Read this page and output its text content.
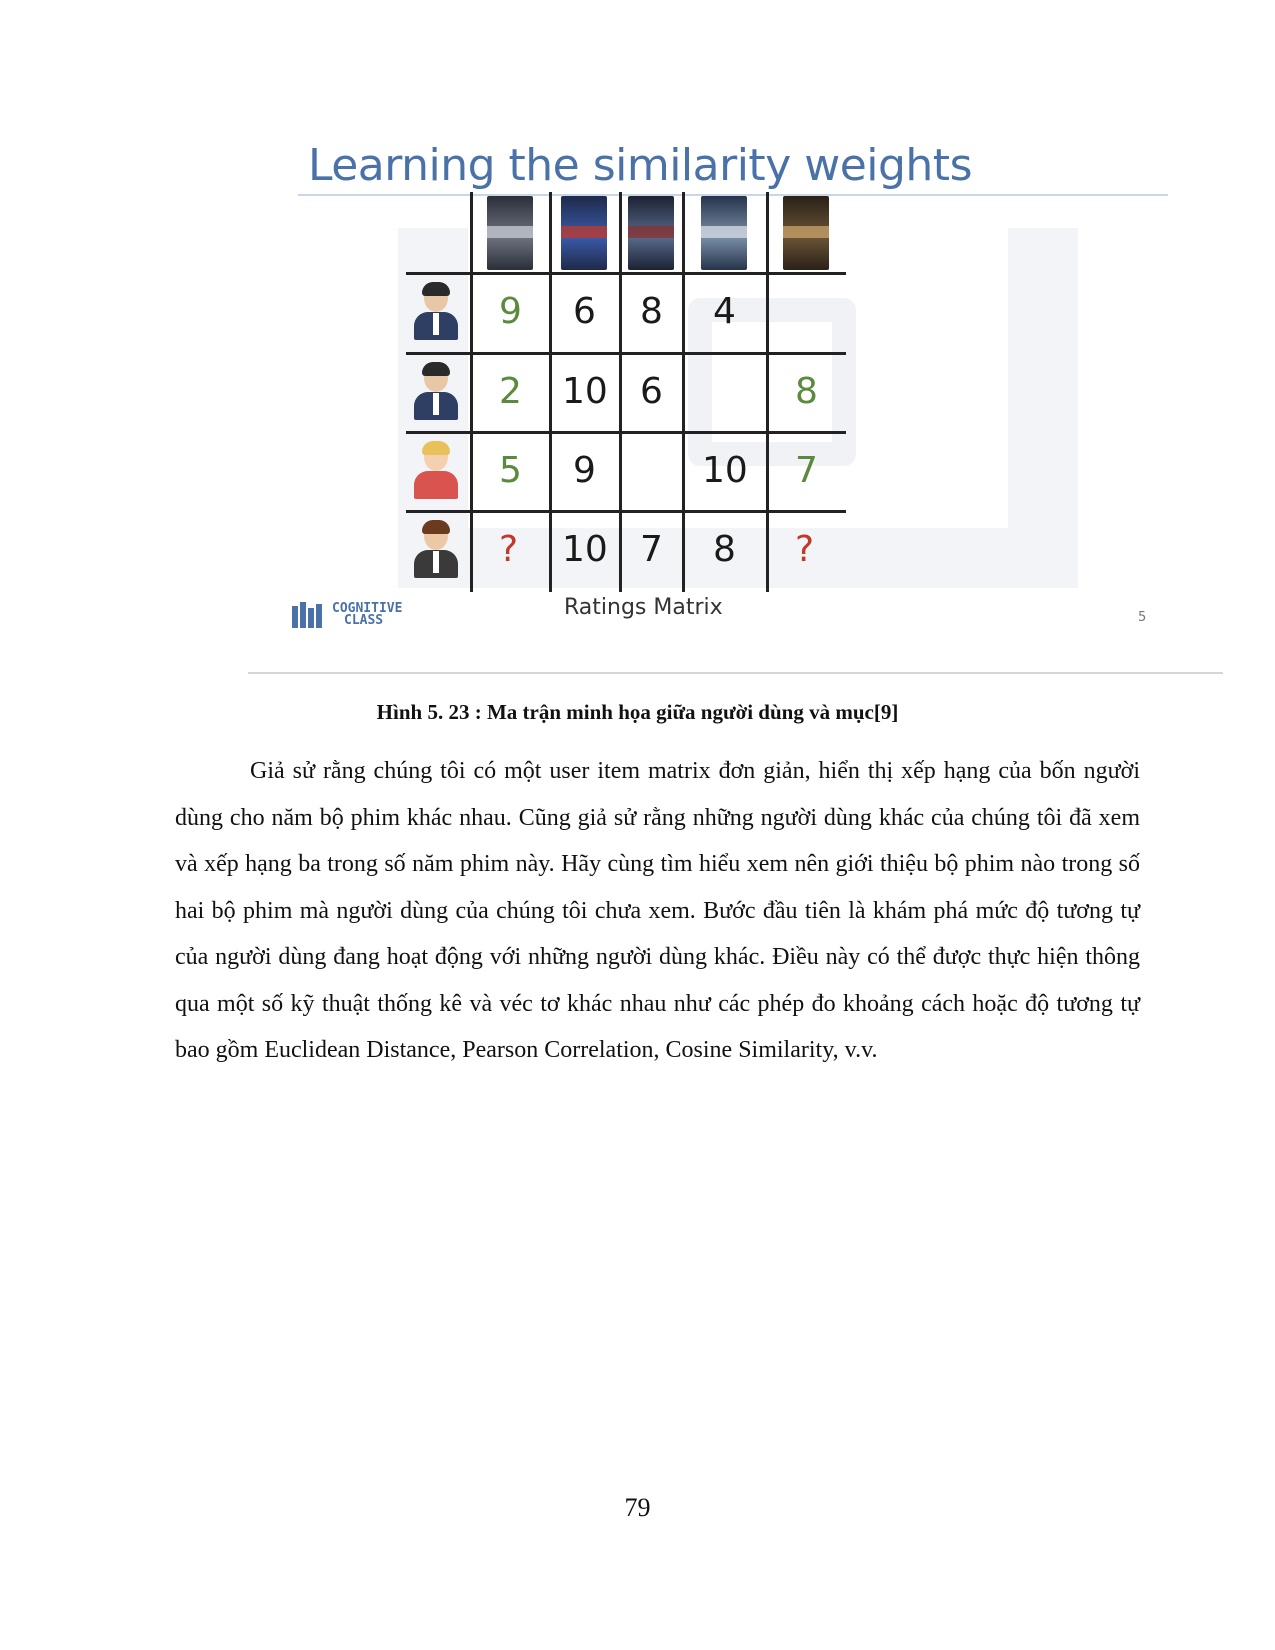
Learning the similarity weights
9 6 8 4
2 10 6	8
5 9	10 7
? 10 7 8 ?
COGNITIVE
CLASS
Ratings Matrix	5

Hình 5. 23 : Ma trận minh họa giữa người dùng và mục[9]

Giả sử rằng chúng tôi có một user item matrix đơn giản, hiển thị xếp hạng của bốn người dùng cho năm bộ phim khác nhau. Cũng giả sử rằng những người dùng khác của chúng tôi đã xem và xếp hạng ba trong số năm phim này. Hãy cùng tìm hiểu xem nên giới thiệu bộ phim nào trong số hai bộ phim mà người dùng của chúng tôi chưa xem. Bước đầu tiên là khám phá mức độ tương tự của người dùng đang hoạt động với những người dùng khác. Điều này có thể được thực hiện thông qua một số kỹ thuật thống kê và véc tơ khác nhau như các phép đo khoảng cách hoặc độ tương tự bao gồm Euclidean Distance, Pearson Correlation, Cosine Similarity, v.v.

79
